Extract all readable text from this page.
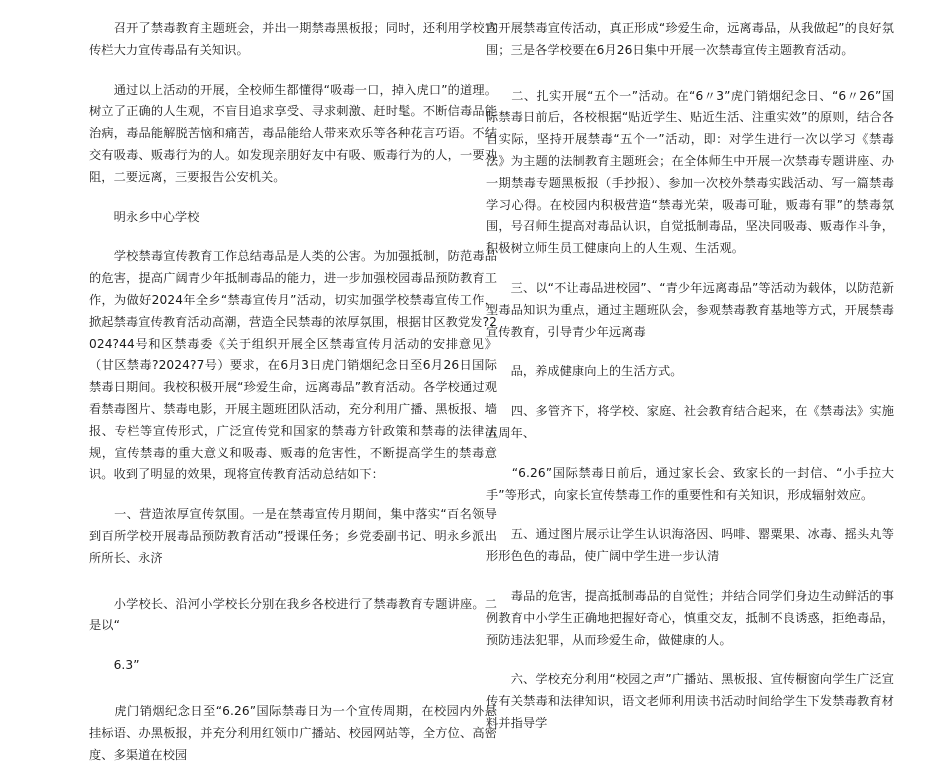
　　召开了禁毒教育主题班会，并出一期禁毒黑板报；同时，还利用学校宣传栏大力宣传毒品有关知识。

　　通过以上活动的开展，全校师生都懂得“吸毒一口，掉入虎口”的道理。树立了正确的人生观，不盲目追求享受、寻求刺激、赶时髦。不断信毒品能治病，毒品能解脱苦恼和痛苦，毒品能给人带来欢乐等各种花言巧语。不结交有吸毒、贩毒行为的人。如发现亲朋好友中有吸、贩毒行为的人，一要劝阻，二要远离，三要报告公安机关。

　　明永乡中心学校

　　学校禁毒宣传教育工作总结毒品是人类的公害。为加强抵制，防范毒品的危害，提高广阔青少年抵制毒品的能力，进一步加强校园毒品预防教育工作，为做好2024年全乡“禁毒宣传月”活动，切实加强学校禁毒宣传工作，掀起禁毒宣传教育活动高潮，营造全民禁毒的浓厚氛围，根据甘区教党发?2024?44号和区禁毒委《关于组织开展全区禁毒宣传月活动的安排意见》（甘区禁毒?2024?7号）要求，在6月3日虎门销烟纪念日至6月26日国际禁毒日期间。我校积极开展“珍爱生命，远离毒品”教育活动。各学校通过观看禁毒图片、禁毒电影，开展主题班团队活动，充分利用广播、黑板报、墙报、专栏等宣传形式，广泛宣传党和国家的禁毒方针政策和禁毒的法律法规，宣传禁毒的重大意义和吸毒、贩毒的危害性，不断提高学生的禁毒意识。收到了明显的效果，现将宣传教育活动总结如下：

　　一、营造浓厚宣传氛围。一是在禁毒宣传月期间，集中落实“百名领导到百所学校开展毒品预防教育活动”授课任务；乡党委副书记、明永乡派出所所长、永济

　　小学校长、沿河小学校长分别在我乡各校进行了禁毒教育专题讲座。二是以“

　　6.3”

　　虎门销烟纪念日至“6.26”国际禁毒日为一个宣传周期，在校园内外悬挂标语、办黑板报，并充分利用红领巾广播站、校园网站等，全方位、高密度、多渠道在校园

内开展禁毒宣传活动，真正形成“珍爱生命，远离毒品，从我做起”的良好氛围；三是各学校要在6月26日集中开展一次禁毒宣传主题教育活动。

　　二、扎实开展“五个一”活动。在“6〃3”虎门销烟纪念日、“6〃26”国际禁毒日前后，各校根据“贴近学生、贴近生活、注重实效”的原则，结合各自实际，坚持开展禁毒“五个一”活动，即：对学生进行一次以学习《禁毒法》为主题的法制教育主题班会；在全体师生中开展一次禁毒专题讲座、办一期禁毒专题黑板报（手抄报）、参加一次校外禁毒实践活动、写一篇禁毒学习心得。在校园内积极营造“禁毒光荣，吸毒可耻，贩毒有罪”的禁毒氛围，号召师生提高对毒品认识，自觉抵制毒品，坚决同吸毒、贩毒作斗争，积极树立师生员工健康向上的人生观、生活观。

　　三、以“不让毒品进校园”、“青少年远离毒品”等活动为载体，以防范新型毒品知识为重点，通过主题班队会，参观禁毒教育基地等方式，开展禁毒宣传教育，引导青少年远离毒

　　品，养成健康向上的生活方式。

　　四、多管齐下，将学校、家庭、社会教育结合起来，在《禁毒法》实施五周年、

　　“6.26”国际禁毒日前后，通过家长会、致家长的一封信、“小手拉大手”等形式，向家长宣传禁毒工作的重要性和有关知识，形成辐射效应。

　　五、通过图片展示让学生认识海洛因、吗啡、罂粟果、冰毒、摇头丸等形形色色的毒品，使广阔中学生进一步认清

　　毒品的危害，提高抵制毒品的自觉性；并结合同学们身边生动鲜活的事例教育中小学生正确地把握好奇心，慎重交友，抵制不良诱惑，拒绝毒品，预防违法犯罪，从而珍爱生命，做健康的人。

　　六、学校充分利用“校园之声”广播站、黑板报、宣传橱窗向学生广泛宣传有关禁毒和法律知识，语文老师利用读书活动时间给学生下发禁毒教育材料并指导学
